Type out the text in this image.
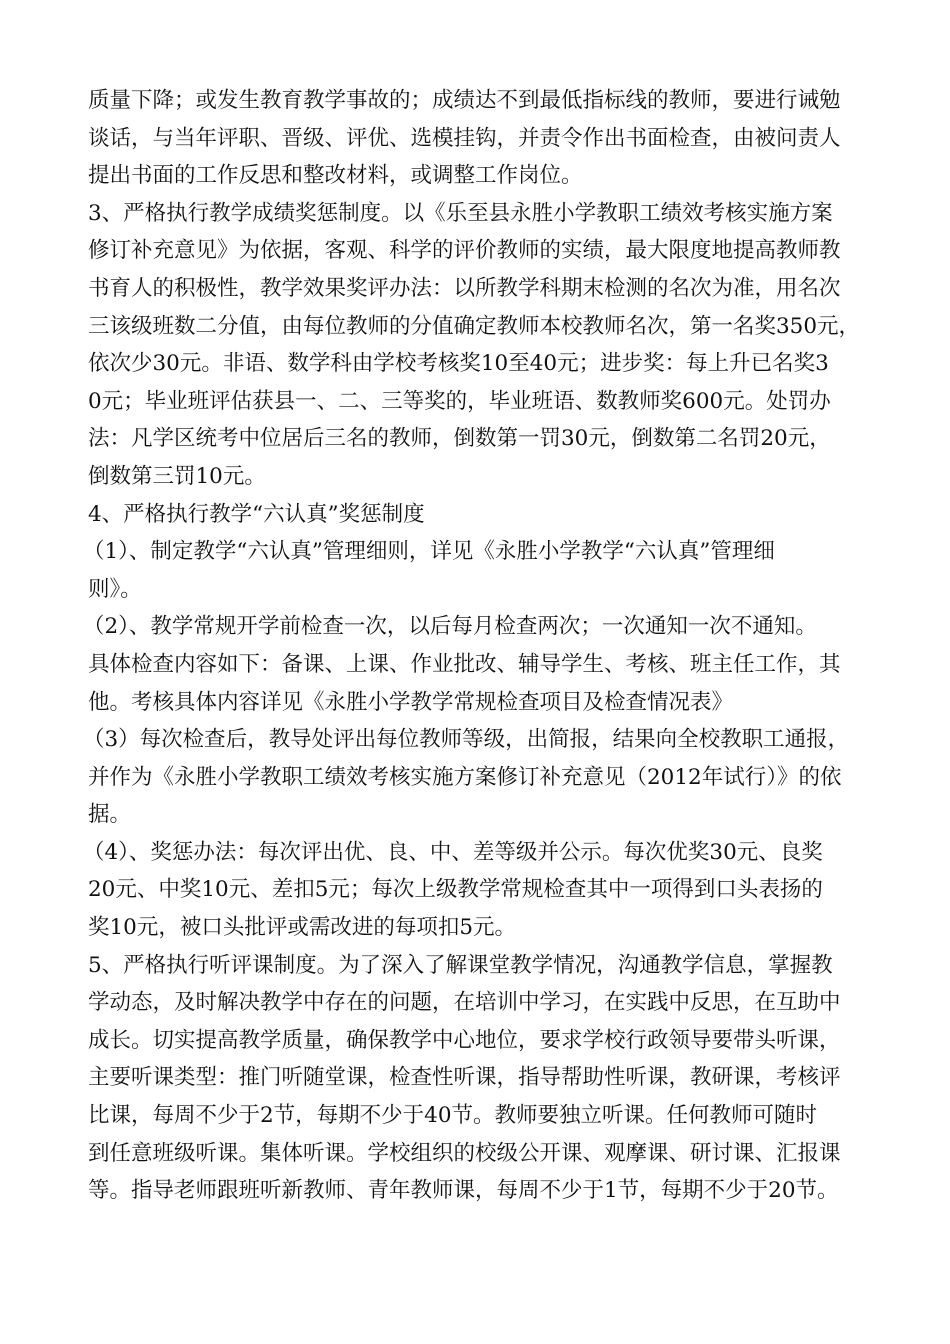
质量下降；或发生教育教学事故的；成绩达不到最低指标线的教师，要进行诫勉
谈话，与当年评职、晋级、评优、选模挂钩，并责令作出书面检查，由被问责人
提出书面的工作反思和整改材料，或调整工作岗位。
3、严格执行教学成绩奖惩制度。以《乐至县永胜小学教职工绩效考核实施方案
修订补充意见》为依据，客观、科学的评价教师的实绩，最大限度地提高教师教
书育人的积极性，教学效果奖评办法：以所教学科期末检测的名次为准，用名次
三该级班数二分值，由每位教师的分值确定教师本校教师名次，第一名奖350元，
依次少30元。非语、数学科由学校考核奖10至40元；进步奖：每上升已名奖3
0元；毕业班评估获县一、二、三等奖的，毕业班语、数教师奖600元。处罚办
法：凡学区统考中位居后三名的教师，倒数第一罚30元，倒数第二名罚20元，
倒数第三罚10元。
4、严格执行教学“六认真”奖惩制度
（1）、制定教学“六认真”管理细则，详见《永胜小学教学“六认真”管理细
则》。
（2）、教学常规开学前检查一次，以后每月检查两次；一次通知一次不通知。
具体检查内容如下：备课、上课、作业批改、辅导学生、考核、班主任工作，其
他。考核具体内容详见《永胜小学教学常规检查项目及检查情况表》
（3）每次检查后，教导处评出每位教师等级，出简报，结果向全校教职工通报，
并作为《永胜小学教职工绩效考核实施方案修订补充意见（2012年试行）》的依
据。
（4）、奖惩办法：每次评出优、良、中、差等级并公示。每次优奖30元、良奖
20元、中奖10元、差扣5元；每次上级教学常规检查其中一项得到口头表扬的
奖10元，被口头批评或需改进的每项扣5元。
5、严格执行听评课制度。为了深入了解课堂教学情况，沟通教学信息，掌握教
学动态，及时解决教学中存在的问题，在培训中学习，在实践中反思，在互助中
成长。切实提高教学质量，确保教学中心地位，要求学校行政领导要带头听课，
主要听课类型：推门听随堂课，检查性听课，指导帮助性听课，教研课，考核评
比课，每周不少于2节，每期不少于40节。教师要独立听课。任何教师可随时
到任意班级听课。集体听课。学校组织的校级公开课、观摩课、研讨课、汇报课
等。指导老师跟班听新教师、青年教师课，每周不少于1节，每期不少于20节。
